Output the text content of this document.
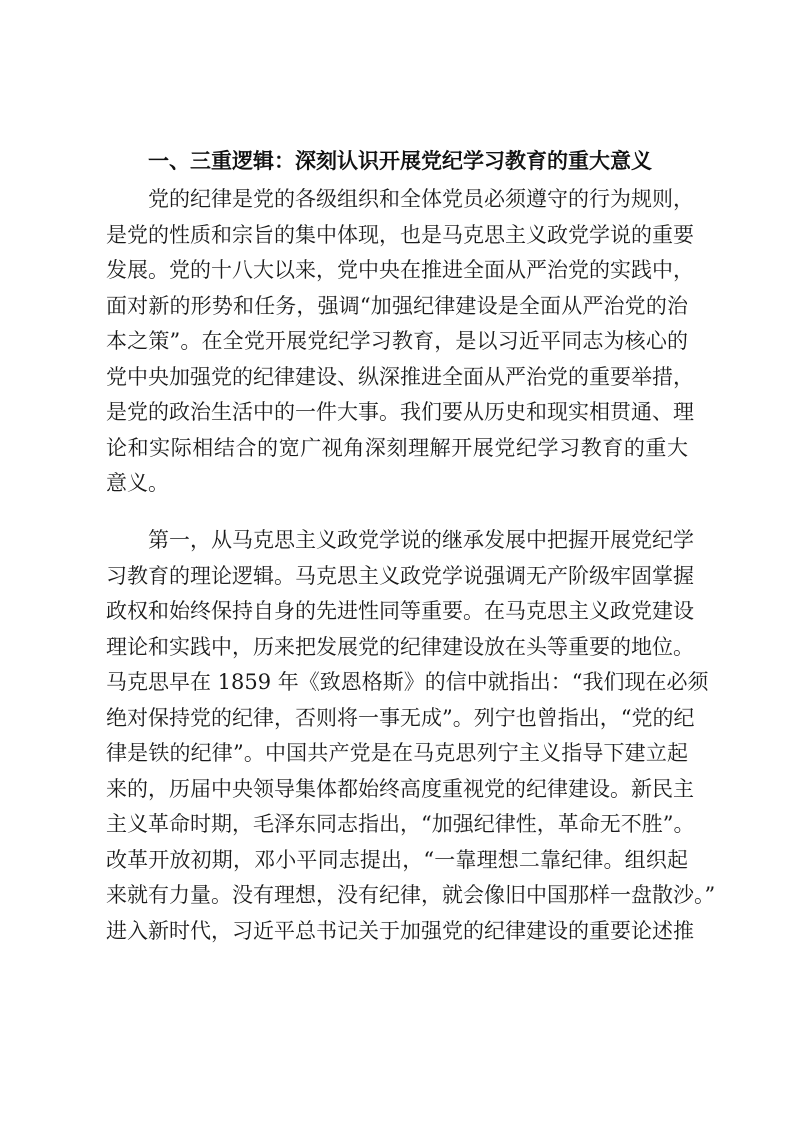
一、三重逻辑：深刻认识开展党纪学习教育的重大意义
党的纪律是党的各级组织和全体党员必须遵守的行为规则，
是党的性质和宗旨的集中体现，也是马克思主义政党学说的重要
发展。党的十八大以来，党中央在推进全面从严治党的实践中，
面对新的形势和任务，强调“加强纪律建设是全面从严治党的治
本之策”。在全党开展党纪学习教育，是以习近平同志为核心的
党中央加强党的纪律建设、纵深推进全面从严治党的重要举措，
是党的政治生活中的一件大事。我们要从历史和现实相贯通、理
论和实际相结合的宽广视角深刻理解开展党纪学习教育的重大
意义。
第一，从马克思主义政党学说的继承发展中把握开展党纪学
习教育的理论逻辑。马克思主义政党学说强调无产阶级牢固掌握
政权和始终保持自身的先进性同等重要。在马克思主义政党建设
理论和实践中，历来把发展党的纪律建设放在头等重要的地位。
马克思早在 1859 年《致恩格斯》的信中就指出：“我们现在必须
绝对保持党的纪律，否则将一事无成”。列宁也曾指出，“党的纪
律是铁的纪律”。中国共产党是在马克思列宁主义指导下建立起
来的，历届中央领导集体都始终高度重视党的纪律建设。新民主
主义革命时期，毛泽东同志指出，“加强纪律性，革命无不胜”。
改革开放初期，邓小平同志提出，“一靠理想二靠纪律。组织起
来就有力量。没有理想，没有纪律，就会像旧中国那样一盘散沙。”
进入新时代，习近平总书记关于加强党的纪律建设的重要论述推
